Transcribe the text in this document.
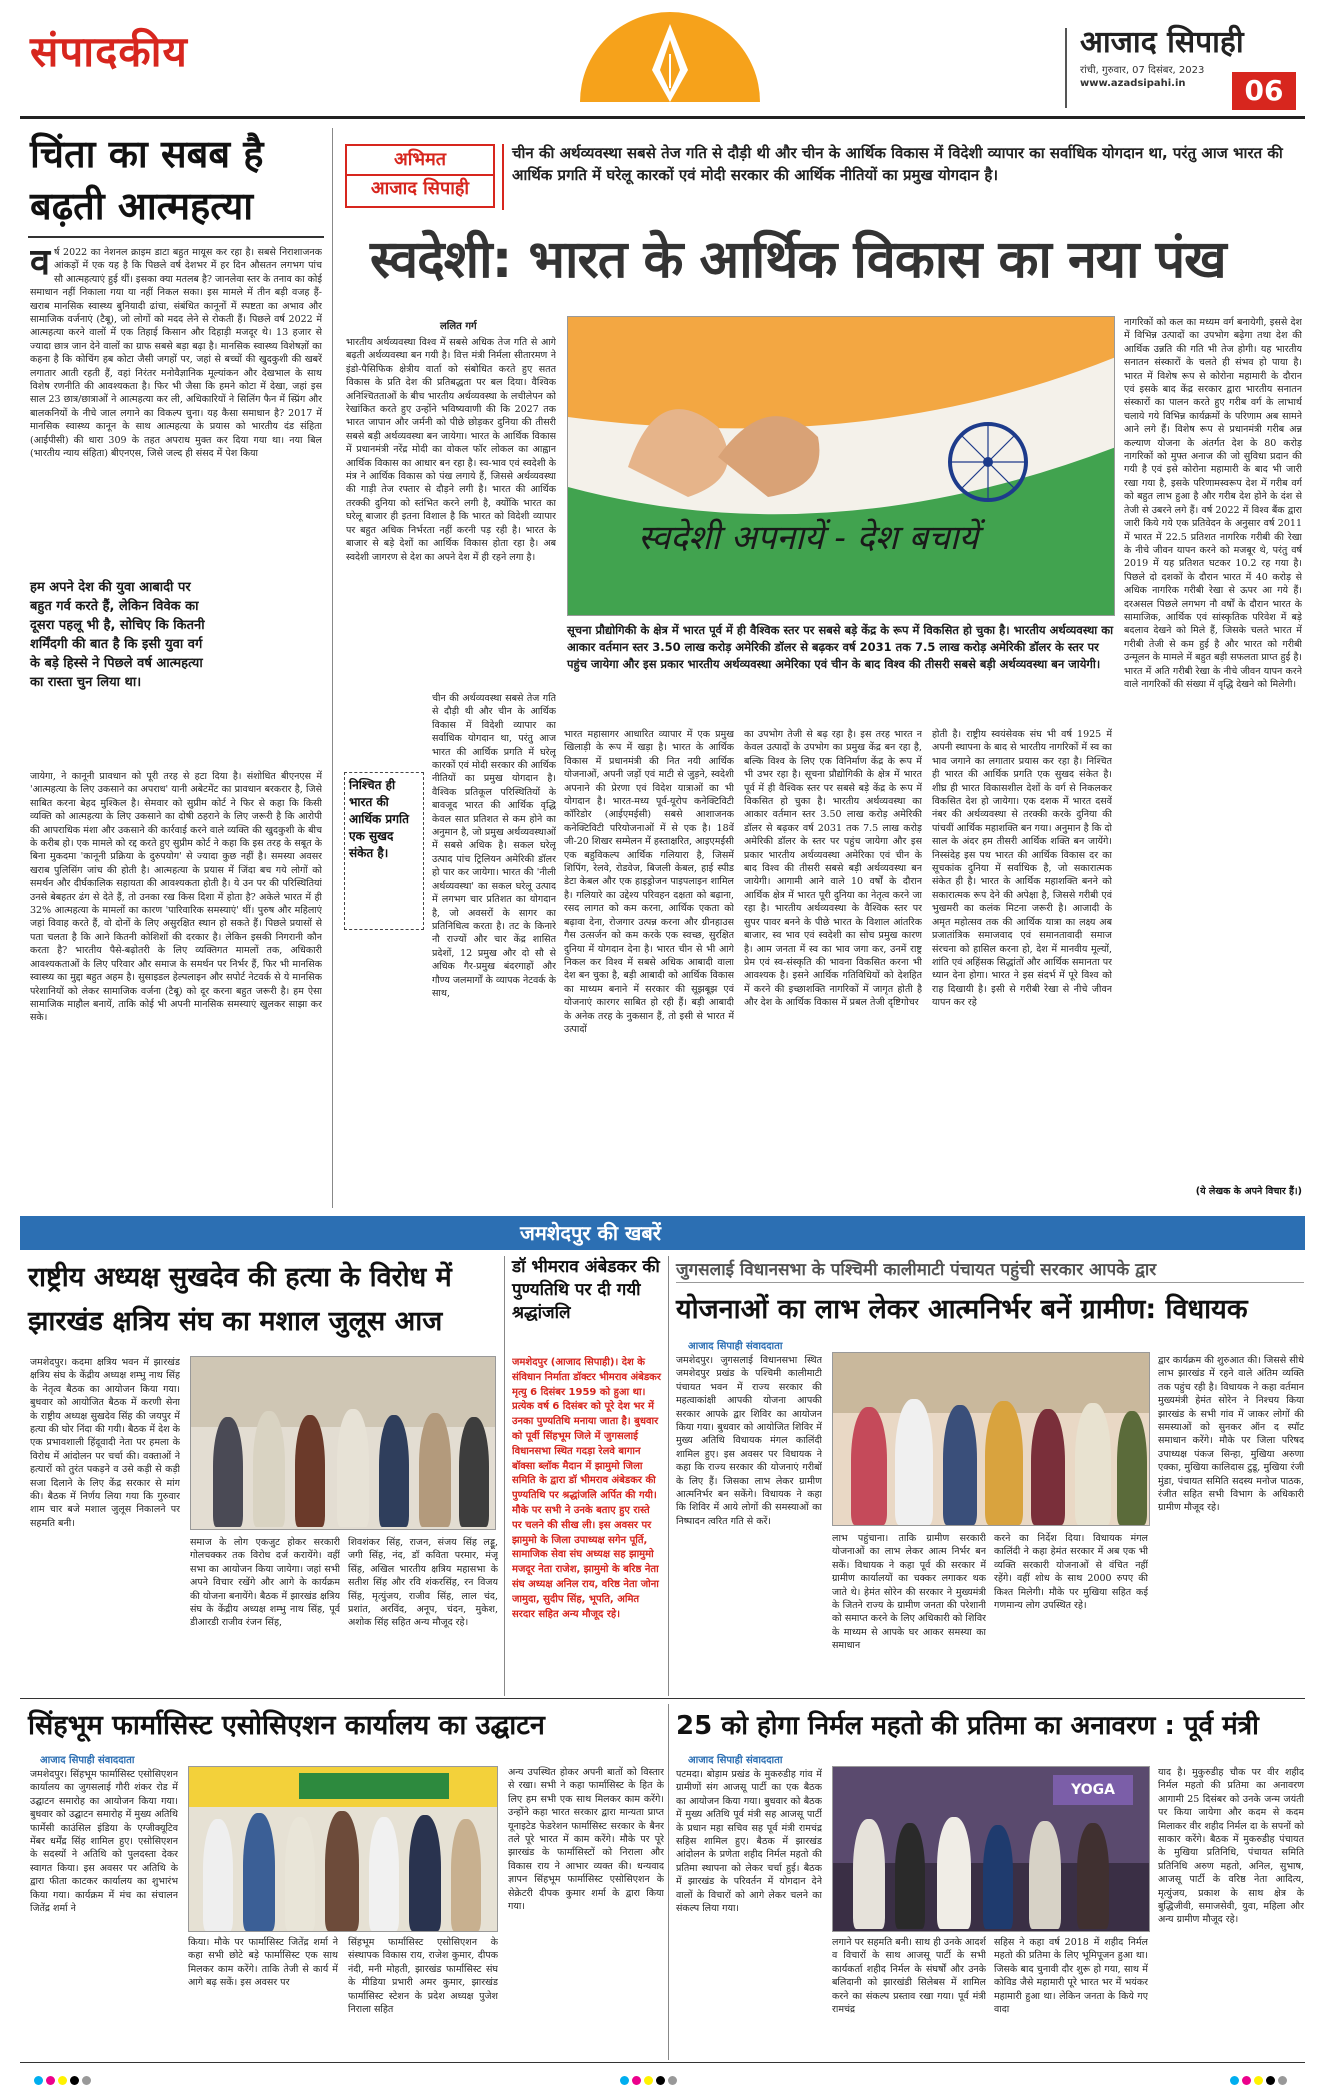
संपादकीय	आजाद सिपाही
रांची, गुरुवार, 07 दिसंबर, 2023
www.azadsipahi.in	06
चिंता का सबब है बढ़ती आत्महत्या
वर्ष 2022 का नेशनल क्राइम डाटा बहुत मायूस कर रहा है। सबसे निराशाजनक आंकड़ों में एक यह है कि पिछले वर्ष देशभर में हर दिन औसतन लगभग पांच सौ आत्महत्याएं हुई थीं। इसका क्या मतलब है? जानलेवा स्तर के तनाव का कोई समाधान नहीं निकाला गया या नहीं निकल सका। इस मामले में तीन बड़ी वजह हैं- खराब मानसिक स्वास्थ्य बुनियादी ढांचा, संबंधित कानूनों में स्पष्टता का अभाव और सामाजिक वर्जनाएं (टैबू), जो लोगों को मदद लेने से रोकती हैं। पिछले वर्ष 2022 में आत्महत्या करने वालों में एक तिहाई किसान और दिहाड़ी मजदूर थे। 13 हजार से ज्यादा छात्र जान देने वालों का ग्राफ सबसे बड़ा बढ़ा है। मानसिक स्वास्थ्य विशेषज्ञों का कहना है कि कोचिंग हब कोटा जैसी जगहों पर, जहां से बच्चों की खुदकुशी की खबरें लगातार आती रहती हैं, वहां निरंतर मनोवैज्ञानिक मूल्यांकन और देखभाल के साथ विशेष रणनीति की आवश्यकता है। फिर भी जैसा कि हमने कोटा में देखा, जहां इस साल 23 छात्र/छात्राओं ने आत्महत्या कर ली, अधिकारियों ने सिलिंग फैन में स्प्रिंग और बालकनियों के नीचे जाल लगाने का विकल्प चुना। यह कैसा समाधान है? 2017 में मानसिक स्वास्थ्य कानून के साथ आत्महत्या के प्रयास को भारतीय दंड संहिता (आईपीसी) की धारा 309 के तहत अपराध मुक्त कर दिया गया था। नया बिल (भारतीय न्याय संहिता) बीएनएस, जिसे जल्द ही संसद में पेश किया
हम अपने देश की युवा आबादी पर बहुत गर्व करते हैं, लेकिन विवेक का दूसरा पहलू भी है, सोचिए कि कितनी शर्मिंदगी की बात है कि इसी युवा वर्ग के बड़े हिस्से ने पिछले वर्ष आत्महत्या का रास्ता चुन लिया था।
जायेगा, ने कानूनी प्रावधान को पूरी तरह से हटा दिया है। संशोधित बीएनएस में 'आत्महत्या के लिए उकसाने का अपराध' यानी अबेटमेंट का प्रावधान बरकरार है, जिसे साबित करना बेहद मुश्किल है। सेमवार को सुप्रीम कोर्ट ने फिर से कहा कि किसी व्यक्ति को आत्महत्या के लिए उकसाने का दोषी ठहराने के लिए जरूरी है कि आरोपी की आपराधिक मंशा और उकसाने की कार्रवाई करने वाले व्यक्ति की खुदकुशी के बीच के करीब हो। एक मामले को रद्द करते हुए सुप्रीम कोर्ट ने कहा कि इस तरह के सबूत के बिना मुकदमा 'कानूनी प्रक्रिया के दुरुपयोग' से ज्यादा कुछ नहीं है। समस्या अवसर खराब पुलिसिंग जांच की होती है। आत्महत्या के प्रयास में जिंदा बच गये लोगों को समर्थन और दीर्घकालिक सहायता की आवश्यकता होती है। ये उन पर की परिस्थितियां उनसे बेबहतर ढंग से देते हैं, तो उनका रख किस दिशा में होता है? अकेले भारत में ही 32% आत्महत्या के मामलों का कारण 'पारिवारिक समस्याएं' थीं। पुरुष और महिलाएं जहां विवाह करते हैं, वो दोनों के लिए असुरक्षित स्थान हो सकते हैं। पिछले प्रयासों से पता चलता है कि आने कितनी कोशिशों की दरकार है। लेकिन इसकी निगरानी कौन करता है? भारतीय पैसे-बढ़ोतरी के लिए व्यक्तिगत मामलों तक, अधिकारी आवश्यकताओं के लिए परिवार और समाज के समर्थन पर निर्भर हैं, फिर भी मानसिक स्वास्थ्य का मुद्दा बहुत अहम है। सुसाइडल हेल्पलाइन और सपोर्ट नेटवर्क से ये मानसिक परेशानियों को लेकर सामाजिक वर्जना (टैबू) को दूर करना बहुत जरूरी है। हम ऐसा सामाजिक माहौल बनायें, ताकि कोई भी अपनी मानसिक समस्याएं खुलकर साझा कर सके।
अभिमत
आजाद सिपाही
चीन की अर्थव्यवस्था सबसे तेज गति से दौड़ी थी और चीन के आर्थिक विकास में विदेशी व्यापार का सर्वाधिक योगदान था, परंतु आज भारत की आर्थिक प्रगति में घरेलू कारकों एवं मोदी सरकार की आर्थिक नीतियों का प्रमुख योगदान है।
स्वदेशी: भारत के आर्थिक विकास का नया पंख
ललित गर्ग
स्वदेशी अपनायें - देश बचायें
सूचना प्रौद्योगिकी के क्षेत्र में भारत पूर्व में ही वैश्विक स्तर पर सबसे बड़े केंद्र के रूप में विकसित हो चुका है। भारतीय अर्थव्यवस्था का आकार वर्तमान स्तर 3.50 लाख करोड़ अमेरिकी डॉलर से बढ़कर वर्ष 2031 तक 7.5 लाख करोड़ अमेरिकी डॉलर के स्तर पर पहुंच जायेगा और इस प्रकार भारतीय अर्थव्यवस्था अमेरिका एवं चीन के बाद विश्व की तीसरी सबसे बड़ी अर्थव्यवस्था बन जायेगी।
भारतीय अर्थव्यवस्था विश्व में सबसे अधिक तेज गति से आगे बढ़ती अर्थव्यवस्था बन गयी है। वित्त मंत्री निर्मला सीतारमण ने इंडो-पैसिफिक क्षेत्रीय वार्ता को संबोधित करते हुए सतत विकास के प्रति देश की प्रतिबद्धता पर बल दिया। वैश्विक अनिश्चितताओं के बीच भारतीय अर्थव्यवस्था के लचीलेपन को रेखांकित करते हुए उन्होंने भविष्यवाणी की कि 2027 तक भारत जापान और जर्मनी को पीछे छोड़कर दुनिया की तीसरी सबसे बड़ी अर्थव्यवस्था बन जायेगा। भारत के आर्थिक विकास में प्रधानमंत्री नरेंद्र मोदी का वोकल फॉर लोकल का आह्वान आर्थिक विकास का आधार बन रहा है। स्व-भाव एवं स्वदेशी के मंत्र ने आर्थिक विकास को पंख लगाये हैं, जिससे अर्थव्यवस्था की गाड़ी तेज रफ्तार से दौड़ने लगी है। भारत की आर्थिक तरक्की दुनिया को स्तंभित करने लगी है, क्योंकि भारत का घरेलू बाजार ही इतना विशाल है कि भारत को विदेशी व्यापार पर बहुत अधिक निर्भरता नहीं करनी पड़ रही है। भारत के बाजार से बड़े देशों का आर्थिक विकास होता रहा है। अब स्वदेशी जागरण से देश का अपने देश में ही रहने लगा है।
निश्चित ही भारत की आर्थिक प्रगति एक सुखद संकेत है।
चीन की अर्थव्यवस्था सबसे तेज गति से दौड़ी थी और चीन के आर्थिक विकास में विदेशी व्यापार का सर्वाधिक योगदान था, परंतु आज भारत की आर्थिक प्रगति में घरेलू कारकों एवं मोदी सरकार की आर्थिक नीतियों का प्रमुख योगदान है। वैश्विक प्रतिकूल परिस्थितियों के बावजूद भारत की आर्थिक वृद्धि केवल सात प्रतिशत से कम होने का अनुमान है, जो प्रमुख अर्थव्यवस्थाओं में सबसे अधिक है। सकल घरेलू उत्पाद पांच ट्रिलियन अमेरिकी डॉलर हो पार कर जायेगा। भारत की 'नीली अर्थव्यवस्था' का सकल घरेलू उत्पाद में लगभग चार प्रतिशत का योगदान है, जो अवसरों के सागर का प्रतिनिधित्व करता है। तट के किनारे नौ राज्यों और चार केंद्र शासित प्रदेशों, 12 प्रमुख और दो सौ से अधिक गैर-प्रमुख बंदरगाहों और गौण्य जलमार्गों के व्यापक नेटवर्क के साथ,
भारत महासागर आधारित व्यापार में एक प्रमुख खिलाड़ी के रूप में खड़ा है। भारत के आर्थिक विकास में प्रधानमंत्री की नित नयी आर्थिक योजनाओं, अपनी जड़ों एवं माटी से जुड़ने, स्वदेशी अपनाने की प्रेरणा एवं विदेश यात्राओं का भी योगदान है। भारत-मध्य पूर्व-यूरोप कनेक्टिविटी कॉरिडोर (आईएमईसी) सबसे आशाजनक कनेक्टिविटी परियोजनाओं में से एक है। 18वें जी-20 शिखर सम्मेलन में हस्ताक्षरित, आइएमईसी एक बहुविकल्प आर्थिक गलियारा है, जिसमें शिपिंग, रेलवे, रोडवेज, बिजली केबल, हाई स्पीड डेटा केबल और एक हाइड्रोजन पाइपलाइन शामिल है। गलियारे का उद्देश्य परिवहन दक्षता को बढ़ाना, रसद लागत को कम करना, आर्थिक एकता को बढ़ावा देना, रोजगार उत्पन्न करना और ग्रीनहाउस गैस उत्सर्जन को कम करके एक स्वच्छ, सुरक्षित दुनिया में योगदान देना है। भारत चीन से भी आगे निकल कर विश्व में सबसे अधिक आबादी वाला देश बन चुका है, बड़ी आबादी को आर्थिक विकास का माध्यम बनाने में सरकार की सूझबूझ एवं योजनाएं कारगर साबित हो रही हैं। बड़ी आबादी के अनेक तरह के नुकसान हैं, तो इसी से भारत में उत्पादों
का उपभोग तेजी से बढ़ रहा है। इस तरह भारत न केवल उत्पादों के उपभोग का प्रमुख केंद्र बन रहा है, बल्कि विश्व के लिए एक विनिर्माण केंद्र के रूप में भी उभर रहा है। सूचना प्रौद्योगिकी के क्षेत्र में भारत पूर्व में ही वैश्विक स्तर पर सबसे बड़े केंद्र के रूप में विकसित हो चुका है। भारतीय अर्थव्यवस्था का आकार वर्तमान स्तर 3.50 लाख करोड़ अमेरिकी डॉलर से बढ़कर वर्ष 2031 तक 7.5 लाख करोड़ अमेरिकी डॉलर के स्तर पर पहुंच जायेगा और इस प्रकार भारतीय अर्थव्यवस्था अमेरिका एवं चीन के बाद विश्व की तीसरी सबसे बड़ी अर्थव्यवस्था बन जायेगी। आगामी आने वाले 10 वर्षों के दौरान आर्थिक क्षेत्र में भारत पूरी दुनिया का नेतृत्व करने जा रहा है। भारतीय अर्थव्यवस्था के वैश्विक स्तर पर सुपर पावर बनने के पीछे भारत के विशाल आंतरिक बाजार, स्व भाव एवं स्वदेशी का सोच प्रमुख कारण है। आम जनता में स्व का भाव जगा कर, उनमें राष्ट्र प्रेम एवं स्व-संस्कृति की भावना विकसित करना भी आवश्यक है। इसने आर्थिक गतिविधियों को देशहित में करने की इच्छाशक्ति नागरिकों में जागृत होती है और देश के आर्थिक विकास में प्रबल तेजी दृष्टिगोचर
होती है। राष्ट्रीय स्वयंसेवक संघ भी वर्ष 1925 में अपनी स्थापना के बाद से भारतीय नागरिकों में स्व का भाव जगाने का लगातार प्रयास कर रहा है। निश्चित ही भारत की आर्थिक प्रगति एक सुखद संकेत है। शीघ्र ही भारत विकासशील देशों के वर्ग से निकलकर विकसित देश हो जायेगा। एक दशक में भारत दसवें नंबर की अर्थव्यवस्था से तरक्की करके दुनिया की पांचवीं आर्थिक महाशक्ति बन गया। अनुमान है कि दो साल के अंदर हम तीसरी आर्थिक शक्ति बन जायेंगे। निस्संदेह इस पथ भारत की आर्थिक विकास दर का सूचकांक दुनिया में सर्वाधिक है, जो सकारात्मक संकेत ही है। भारत के आर्थिक महाशक्ति बनने को सकारात्मक रूप देने की अपेक्षा है, जिससे गरीबी एवं भुखमरी का कलंक मिटना जरूरी है। आजादी के अमृत महोत्सव तक की आर्थिक यात्रा का लक्ष्य अब प्रजातांत्रिक समाजवाद एवं समानतावादी समाज संरचना को हासिल करना हो, देश में मानवीय मूल्यों, शांति एवं अहिंसक सिद्धांतों और आर्थिक समानता पर ध्यान देना होगा। भारत ने इस संदर्भ में पूरे विश्व को राह दिखायी है। इसी से गरीबी रेखा से नीचे जीवन यापन कर रहे
नागरिकों को कल का मध्यम वर्ग बनायेगी, इससे देश में विभिन्न उत्पादों का उपभोग बढ़ेगा तथा देश की आर्थिक उन्नति की गति भी तेज होगी। यह भारतीय सनातन संस्कारों के चलते ही संभव हो पाया है। भारत में विशेष रूप से कोरोना महामारी के दौरान एवं इसके बाद केंद्र सरकार द्वारा भारतीय सनातन संस्कारों का पालन करते हुए गरीब वर्ग के लाभार्थ चलाये गये विभिन्न कार्यक्रमों के परिणाम अब सामने आने लगे हैं। विशेष रूप से प्रधानमंत्री गरीब अन्न कल्याण योजना के अंतर्गत देश के 80 करोड़ नागरिकों को मुफ्त अनाज की जो सुविधा प्रदान की गयी है एवं इसे कोरोना महामारी के बाद भी जारी रखा गया है, इसके परिणामस्वरूप देश में गरीब वर्ग को बहुत लाभ हुआ है और गरीब देश होने के दंश से तेजी से उबरने लगे हैं। वर्ष 2022 में विश्व बैंक द्वारा जारी किये गये एक प्रतिवेदन के अनुसार वर्ष 2011 में भारत में 22.5 प्रतिशत नागरिक गरीबी की रेखा के नीचे जीवन यापन करने को मजबूर थे, परंतु वर्ष 2019 में यह प्रतिशत घटकर 10.2 रह गया है। पिछले दो दशकों के दौरान भारत में 40 करोड़ से अधिक नागरिक गरीबी रेखा से ऊपर आ गये हैं। दरअसल पिछले लगभग नौ वर्षों के दौरान भारत के सामाजिक, आर्थिक एवं सांस्कृतिक परिवेश में बड़े बदलाव देखने को मिले हैं, जिसके चलते भारत में गरीबी तेजी से कम हुई है और भारत को गरीबी उन्मूलन के मामले में बहुत बड़ी सफलता प्राप्त हुई है। भारत में अति गरीबी रेखा के नीचे जीवन यापन करने वाले नागरिकों की संख्या में वृद्धि देखने को मिलेगी।
(ये लेखक के अपने विचार हैं।)
जमशेदपुर की खबरें
राष्ट्रीय अध्यक्ष सुखदेव की हत्या के विरोध में झारखंड क्षत्रिय संघ का मशाल जुलूस आज
जमशेदपुर। कदमा क्षत्रिय भवन में झारखंड क्षत्रिय संघ के केंद्रीय अध्यक्ष शम्भु नाथ सिंह के नेतृत्व बैठक का आयोजन किया गया। बुधवार को आयोजित बैठक में करणी सेना के राष्ट्रीय अध्यक्ष सुखदेव सिंह की जयपुर में हत्या की घोर निंदा की गयी। बैठक में देश के एक प्रभावशाली हिंदूवादी नेता पर हमला के विरोध में आंदोलन पर चर्चा की। वक्ताओं ने हत्यारों को तुरंत पकड़ने व उसे कड़ी से कड़ी सजा दिलाने के लिए केंद्र सरकार से मांग की। बैठक में निर्णय लिया गया कि गुरुवार शाम चार बजे मशाल जुलूस निकालने पर सहमति बनी।
समाज के लोग एकजुट होकर सरकारी गोलचक्कर तक विरोध दर्ज करायेंगे। वहीं सभा का आयोजन किया जायेगा। जहां सभी अपने विचार रखेंगे और आगे के कार्यक्रम की योजना बनायेंगे। बैठक में झारखंड क्षत्रिय संघ के केंद्रीय अध्यक्ष शम्भु नाथ सिंह, पूर्व डीआरडी राजीव रंजन सिंह,
शिवशंकर सिंह, राजन, संजय सिंह लड्डू, जगी सिंह, नंद, डॉ कविता परमार, मंजू सिंह, अखिल भारतीय क्षत्रिय महासभा के सतीश सिंह और रवि शंकरसिंह, रन विजय सिंह, मृत्युंजय, राजीव सिंह, लाल चंद, प्रशांत, अरविंद, अनूप, चंदन, मुकेश, अशोक सिंह सहित अन्य मौजूद रहे।
डॉ भीमराव अंबेडकर की पुण्यतिथि पर दी गयी श्रद्धांजलि
जमशेदपुर (आजाद सिपाही)। देश के संविधान निर्माता डॉक्टर भीमराव अंबेडकर मृत्यु 6 दिसंबर 1959 को हुआ था। प्रत्येक वर्ष 6 दिसंबर को पूरे देश भर में उनका पुण्यतिथि मनाया जाता है। बुधवार को पूर्वी सिंहभूम जिले में जुगसलाई विधानसभा स्थित गदड़ा रेलवे बागान बॉक्सा ब्लॉक मैदान में झामुमो जिला समिति के द्वारा डॉ भीमराव अंबेडकर की पुण्यतिथि पर श्रद्धांजलि अर्पित की गयी। मौके पर सभी ने उनके बताए हुए रास्ते पर चलने की सीख ली। इस अवसर पर झामुमो के जिला उपाध्यक्ष सगेन पूर्ति, सामाजिक सेवा संघ अध्यक्ष सह झामुमो मजदूर नेता राजेश, झामुमो के बरिष्ठ नेता संघ अध्यक्ष अनिल राय, वरिष्ठ नेता जोना जामुदा, सुदीप सिंह, भूपति, अमित सरदार सहित अन्य मौजूद रहे।
जुगसलाई विधानसभा के पश्चिमी कालीमाटी पंचायत पहुंची सरकार आपके द्वार
योजनाओं का लाभ लेकर आत्मनिर्भर बनें ग्रामीण: विधायक
आजाद सिपाही संवाददाता
जमशेदपुर। जुगसलाई विधानसभा स्थित जमशेदपुर प्रखंड के पश्चिमी कालीमाटी पंचायत भवन में राज्य सरकार की महत्वाकांक्षी आपकी योजना आपकी सरकार आपके द्वार शिविर का आयोजन किया गया। बुधवार को आयोजित शिविर में मुख्य अतिथि विधायक मंगल कालिंदी शामिल हुए। इस अवसर पर विधायक ने कहा कि राज्य सरकार की योजनाएं गरीबों के लिए हैं। जिसका लाभ लेकर ग्रामीण आत्मनिर्भर बन सकेंगे। विधायक ने कहा कि शिविर में आये लोगों की समस्याओं का निष्पादन त्वरित गति से करें।
लाभ पहुंचाना। ताकि ग्रामीण सरकारी योजनाओं का लाभ लेकर आत्म निर्भर बन सकें। विधायक ने कहा पूर्व की सरकार में ग्रामीण कार्यालयों का चक्कर लगाकर थक जाते थे। हेमंत सोरेन की सरकार ने मुख्यमंत्री के जितने राज्य के ग्रामीण जनता की परेशानी को समाप्त करने के लिए अधिकारी को शिविर के माध्यम से आपके घर आकर समस्या का समाधान
करने का निर्देश दिया। विधायक मंगल कालिंदी ने कहा हेमंत सरकार में अब एक भी व्यक्ति सरकारी योजनाओं से वंचित नहीं रहेंगे। वहीं शोध के साथ 2000 रुपए की किश्त मिलेगी। मौके पर मुखिया सहित कई गणमान्य लोग उपस्थित रहे।
द्वार कार्यक्रम की शुरुआत की। जिससे सीधे लाभ झारखंड में रहने वाले अंतिम व्यक्ति तक पहुंच रही है। विधायक ने कहा वर्तमान मुख्यमंत्री हेमंत सोरेन ने निश्चय किया झारखंड के सभी गांव में जाकर लोगों की समस्याओं को सुनकर ऑन द स्पॉट समाधान करेंगे। मौके पर जिला परिषद उपाध्यक्ष पंकज सिन्हा, मुखिया अरुणा एक्का, मुखिया कालिदास टुडू, मुखिया रंजी मुंडा, पंचायत समिति सदस्य मनोज पाठक, रंजीत सहित सभी विभाग के अधिकारी ग्रामीण मौजूद रहे।
सिंहभूम फार्मासिस्ट एसोसिएशन कार्यालय का उद्घाटन
आजाद सिपाही संवाददाता
जमशेदपुर। सिंहभूम फार्मासिस्ट एसोसिएशन कार्यालय का जुगसलाई गौरी शंकर रोड में उद्घाटन समारोह का आयोजन किया गया। बुधवार को उद्घाटन समारोह में मुख्य अतिथि फार्मेसी काउंसिल इंडिया के एग्जीक्यूटिव मेंबर धर्मेंद्र सिंह शामिल हुए। एसोसिएशन के सदस्यों ने अतिथि को पुलदस्ता देकर स्वागत किया। इस अवसर पर अतिथि के द्वारा फीता काटकर कार्यालय का शुभारंभ किया गया। कार्यक्रम में मंच का संचालन जितेंद्र शर्मा ने
किया। मौके पर फार्मासिस्ट जितेंद्र शर्मा ने कहा सभी छोटे बड़े फार्मासिस्ट एक साथ मिलकर काम करेंगे। ताकि तेजी से कार्य में आगे बढ़ सकें। इस अवसर पर
सिंहभूम फार्मासिस्ट एसोसिएशन के संस्थापक विकास राय, राजेश कुमार, दीपक नंदी, मनी मोहती, झारखंड फार्मासिस्ट संघ के मीडिया प्रभारी अमर कुमार, झारखंड फार्मासिस्ट स्टेशन के प्रदेश अध्यक्ष पुजेश निराला सहित
अन्य उपस्थित होकर अपनी बातों को विस्तार से रखा। सभी ने कहा फार्मासिस्ट के हित के लिए हम सभी एक साथ मिलकर काम करेंगे। उन्होंने कहा भारत सरकार द्वारा मान्यता प्राप्त यूनाइटेड फेडरेशन फार्मासिस्ट सरकार के बैनर तले पूरे भारत में काम करेंगे। मौके पर पूरे झारखंड के फार्मासिस्टों को निराला और विकास राय ने आभार व्यक्त की। धन्यवाद ज्ञापन सिंहभूम फार्मासिस्ट एसोसिएशन के सेक्रेटरी दीपक कुमार शर्मा के द्वारा किया गया।
25 को होगा निर्मल महतो की प्रतिमा का अनावरण : पूर्व मंत्री
आजाद सिपाही संवाददाता
पटमदा। बोड़ाम प्रखंड के मुकरुडीह गांव में ग्रामीणों संग आजसू पार्टी का एक बैठक का आयोजन किया गया। बुधवार को बैठक में मुख्य अतिथि पूर्व मंत्री सह आजसू पार्टी के प्रधान महा सचिव सह पूर्व मंत्री रामचंद्र सहिस शामिल हुए। बैठक में झारखंड आंदोलन के प्रणेता शहीद निर्मल महतो की प्रतिमा स्थापना को लेकर चर्चा हुई। बैठक में झारखंड के परिवर्तन में योगदान देने वालों के विचारों को आगे लेकर चलने का संकल्प लिया गया।
YOGA
लगाने पर सहमति बनी। साथ ही उनके आदर्श व विचारों के साथ आजसू पार्टी के सभी कार्यकर्ता शहीद निर्मल के संघर्षों और उनके बलिदानी को झारखंडी सिलेबस में शामिल करने का संकल्प प्रस्ताव रखा गया। पूर्व मंत्री रामचंद्र
सहिस ने कहा वर्ष 2018 में शहीद निर्मल महतो की प्रतिमा के लिए भूमिपूजन हुआ था। जिसके बाद चुनावी दौर शुरू हो गया, साथ में कोविड जैसे महामारी पूरे भारत भर में भयंकर महामारी हुआ था। लेकिन जनता के किये गए वादा
याद है। मुकुरुडीह चौक पर वीर शहीद निर्मल महतो की प्रतिमा का अनावरण आगामी 25 दिसंबर को उनके जन्म जयंती पर किया जायेगा और कदम से कदम मिलाकर वीर शहीद निर्मल दा के सपनों को साकार करेंगे। बैठक में मुकरुडीह पंचायत के मुखिया प्रतिनिधि, पंचायत समिति प्रतिनिधि अरुण महतो, अनिल, सुभाष, आजसू पार्टी के वरिष्ठ नेता आदित्य, मृत्युंजय, प्रकाश के साथ क्षेत्र के बुद्धिजीवी, समाजसेवी, युवा, महिला और अन्य ग्रामीण मौजूद रहे।
